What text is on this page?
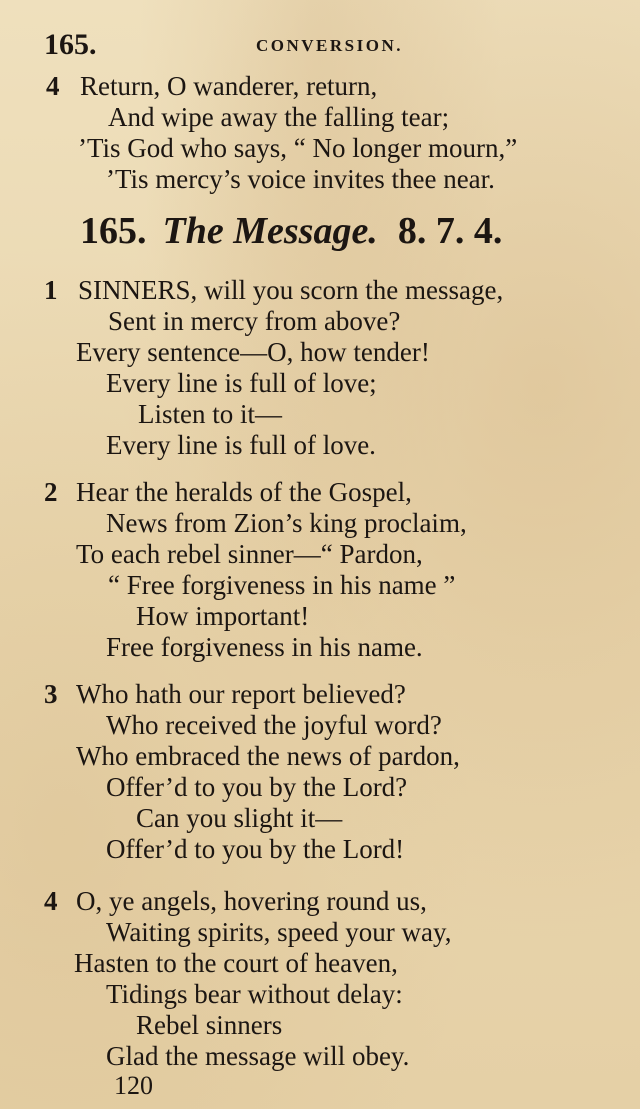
165.	CONVERSION.
4 Return, O wanderer, return,
And wipe away the falling tear;
’Tis God who says, “ No longer mourn,”
’Tis mercy’s voice invites thee near.
165. The Message. 8. 7. 4.
1 SINNERS, will you scorn the message,
Sent in mercy from above?
Every sentence—O, how tender!
Every line is full of love;
Listen to it—
Every line is full of love.
2 Hear the heralds of the Gospel,
News from Zion’s king proclaim,
To each rebel sinner—“ Pardon,
“ Free forgiveness in his name ”
How important!
Free forgiveness in his name.
3 Who hath our report believed?
Who received the joyful word?
Who embraced the news of pardon,
Offer’d to you by the Lord?
Can you slight it—
Offer’d to you by the Lord!
4 O, ye angels, hovering round us,
Waiting spirits, speed your way,
Hasten to the court of heaven,
Tidings bear without delay:
Rebel sinners
Glad the message will obey.
120
